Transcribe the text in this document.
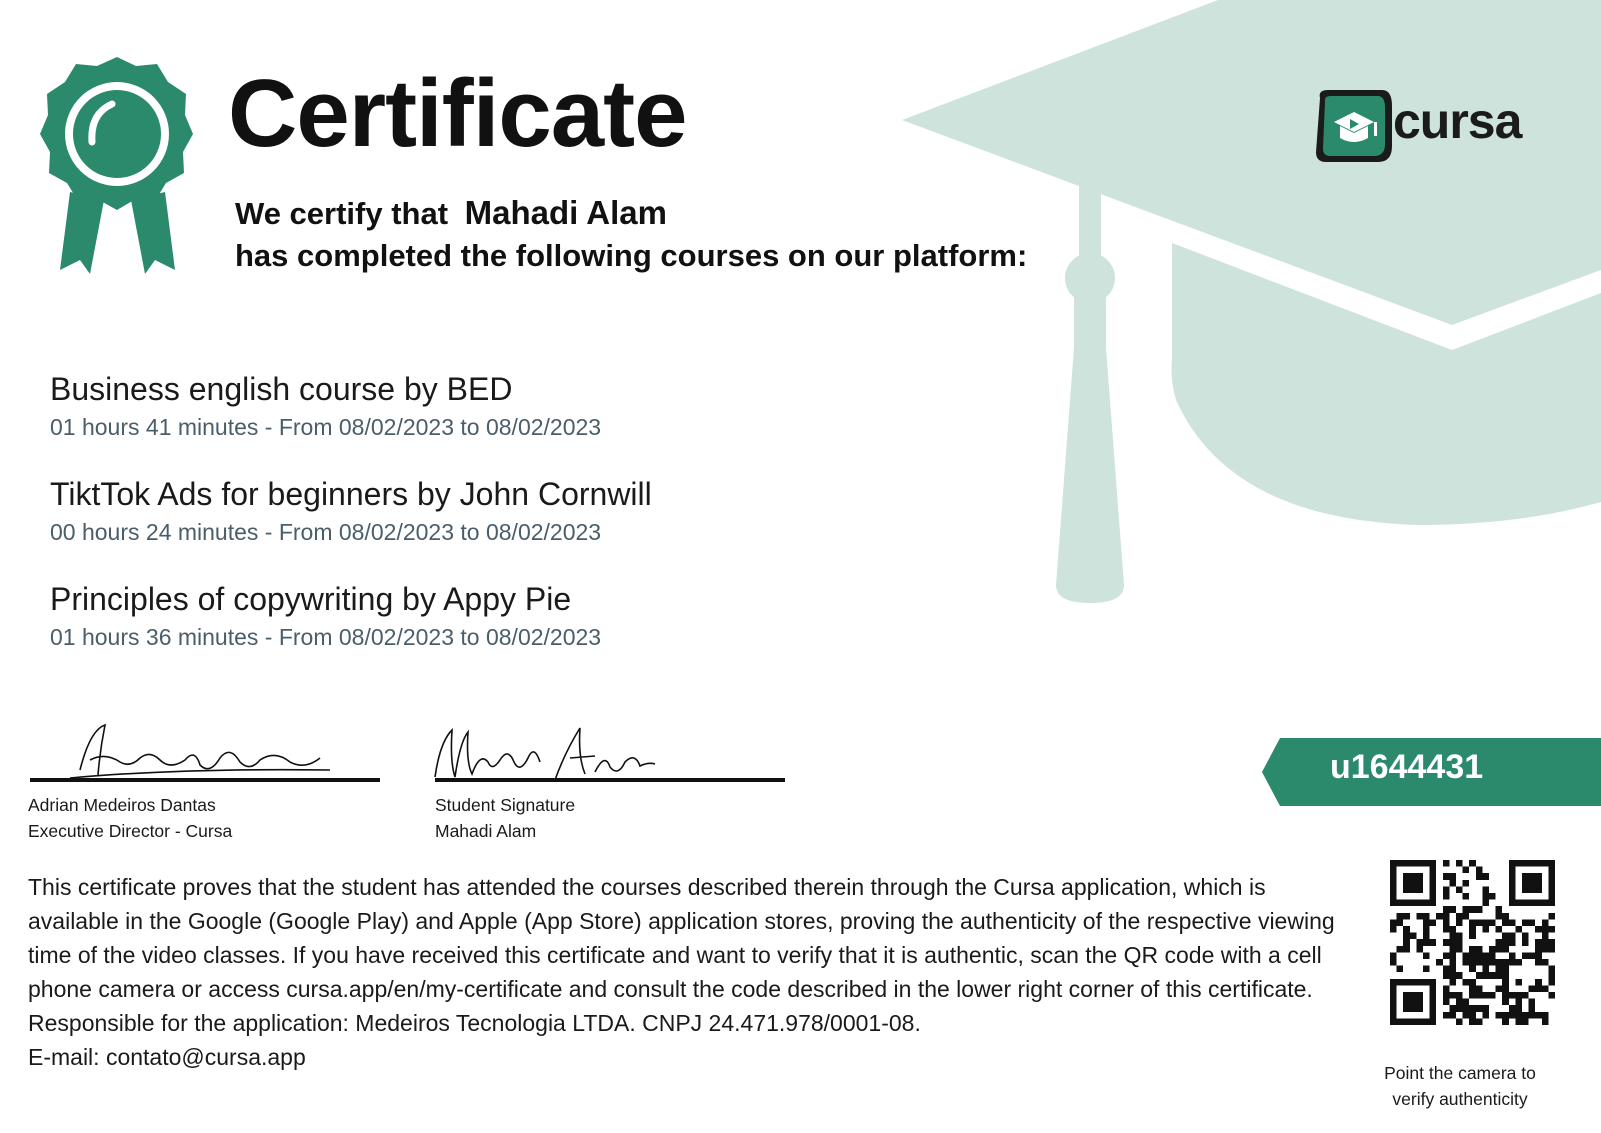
Certificate
We certify that Mahadi Alam
has completed the following courses on our platform:
cursa
Business english course by BED
01 hours 41 minutes - From 08/02/2023 to 08/02/2023
TiktTok Ads for beginners by John Cornwill
00 hours 24 minutes - From 08/02/2023 to 08/02/2023
Principles of copywriting by Appy Pie
01 hours 36 minutes - From 08/02/2023 to 08/02/2023
Adrian Medeiros Dantas
Executive Director - Cursa
Student Signature
Mahadi Alam
u1644431

This certificate proves that the student has attended the courses described therein through the Cursa application, which is available in the Google (Google Play) and Apple (App Store) application stores, proving the authenticity of the respective viewing time of the video classes. If you have received this certificate and want to verify that it is authentic, scan the QR code with a cell phone camera or access cursa.app/en/my-certificate and consult the code described in the lower right corner of this certificate.

Responsible for the application: Medeiros Tecnologia LTDA. CNPJ 24.471.978/0001-08.

E-mail: contato@cursa.app

Point the camera to
verify authenticity
